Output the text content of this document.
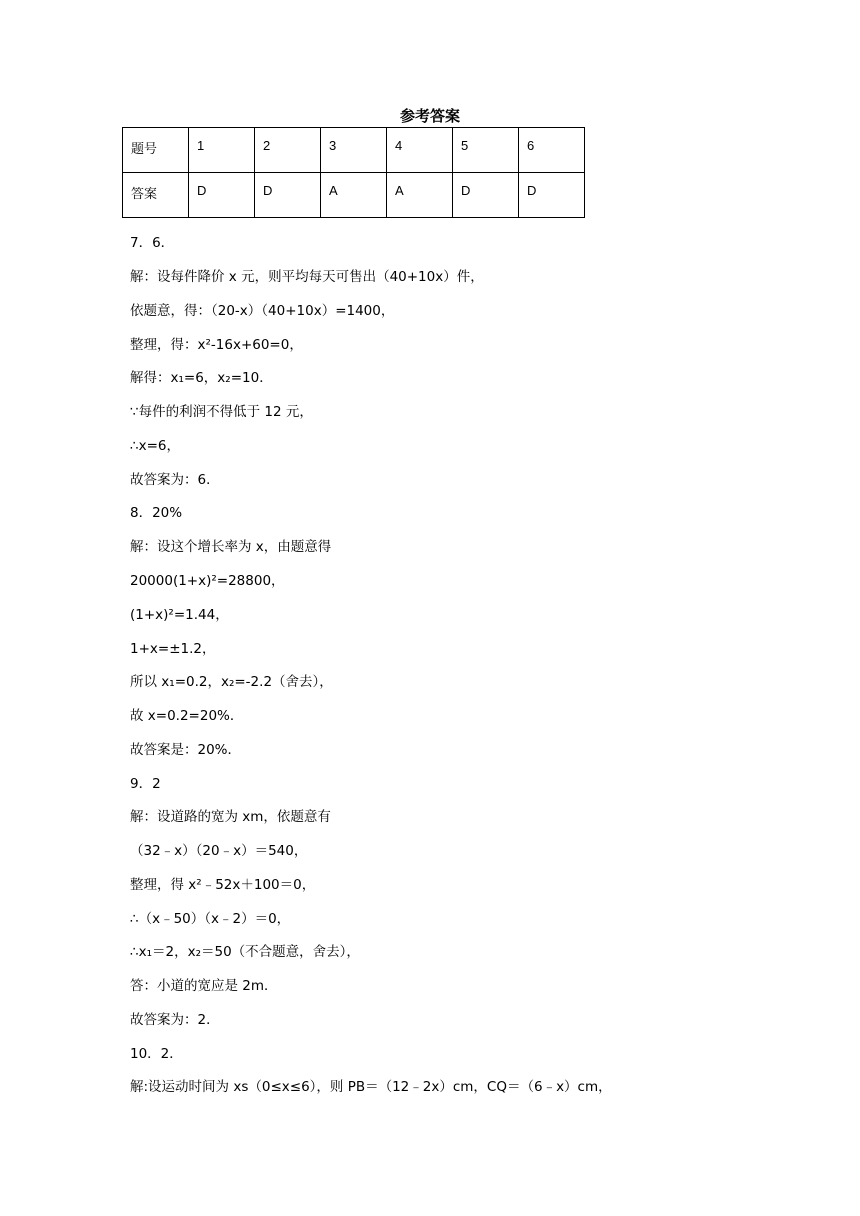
参考答案
题号	1	2	3	4	5	6
答案	D	D	A	A	D	D
7．6．
解：设每件降价 x 元，则平均每天可售出（40+10x）件，
依题意，得：（20-x）（40+10x）=1400，
整理，得：x²-16x+60=0，
解得：x₁=6，x₂=10．
∵每件的利润不得低于 12 元，
∴x=6，
故答案为：6．
8．20%
解：设这个增长率为 x，由题意得
20000(1+x)²=28800，
(1+x)²=1.44，
1+x=±1.2，
所以 x₁=0.2，x₂=-2.2（舍去），
故 x=0.2=20%．
故答案是：20%．
9．2
解：设道路的宽为 xm，依题意有
（32﹣x）（20﹣x）＝540，
整理，得 x²﹣52x＋100＝0，
∴（x﹣50）（x﹣2）＝0，
∴x₁＝2，x₂＝50（不合题意，舍去），
答：小道的宽应是 2m．
故答案为：2．
10．2．
解:设运动时间为 xs（0≤x≤6），则 PB＝（12﹣2x）cm，CQ＝（6﹣x）cm，
